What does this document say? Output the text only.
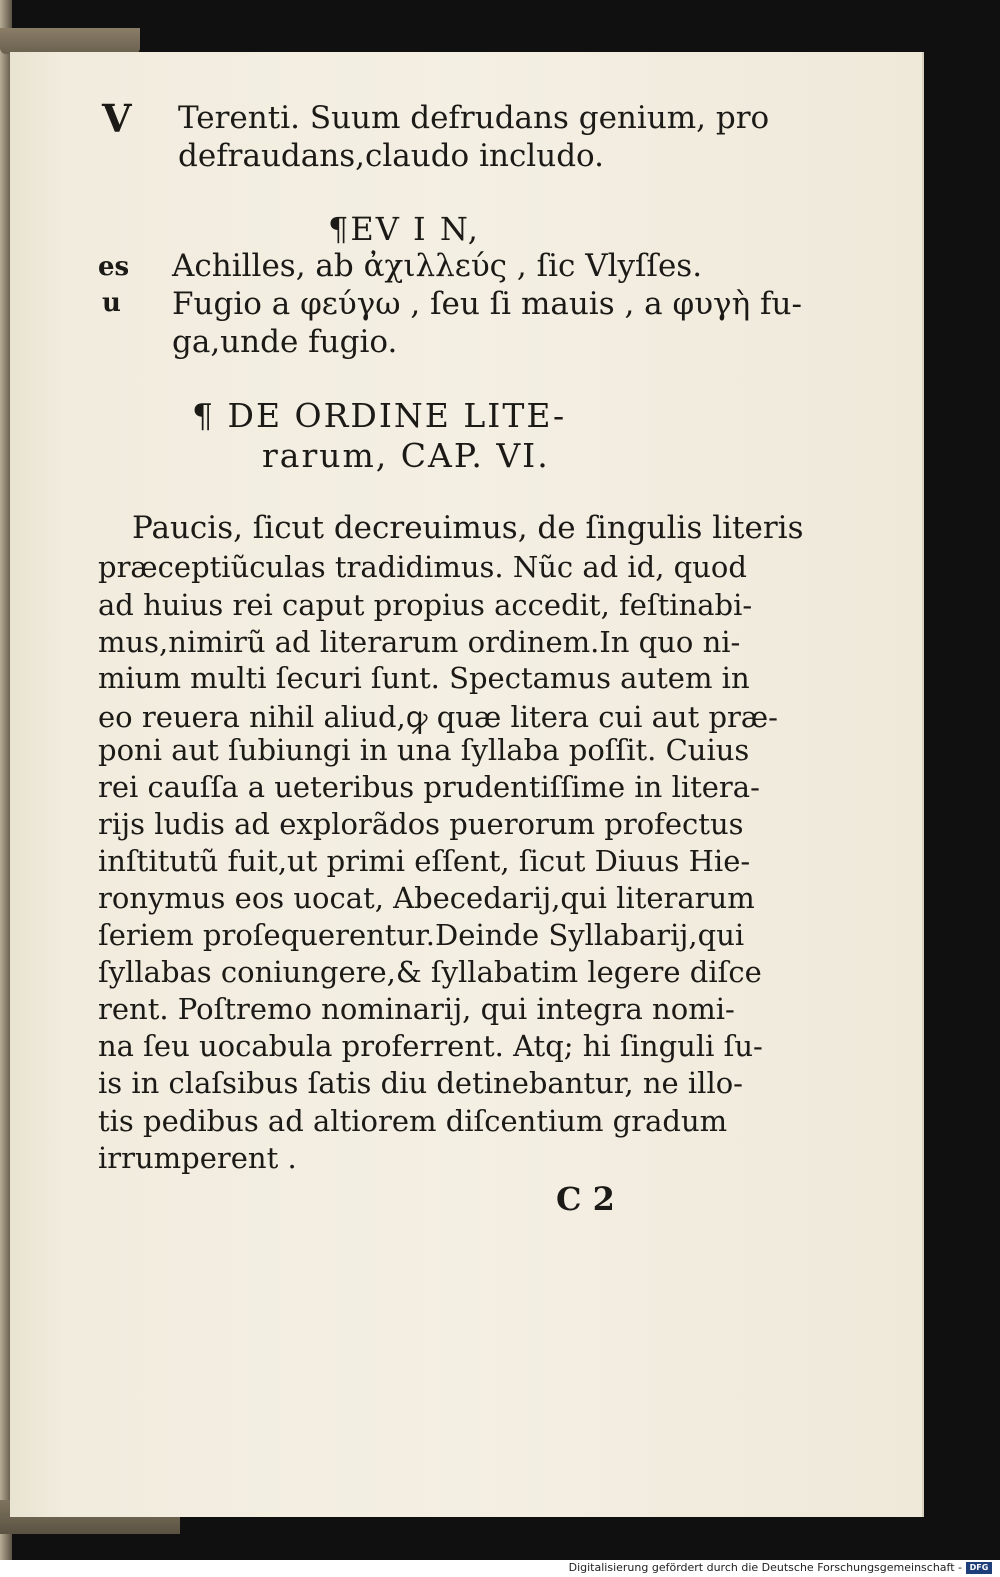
V Terenti. Suum defrudans genium, pro
defraudans,claudo includo.
¶EV I N,
es Achilles, ab ἀχιλλεύς , ſic Vlyſſes.
u Fugio a φεύγω , ſeu ſi mauis , a φυγὴ fu-
ga,unde fugio.
¶ DE ORDINE LITE-
rarum, CAP. VI.
Paucis, ſicut decreuimus, de ſingulis literis
præceptiũculas tradidimus. Nũc ad id, quod
ad huius rei caput propius accedit, feſtinabi-
mus,nimirũ ad literarum ordinem.In quo ni-
mium multi ſecuri ſunt. Spectamus autem in
eo reuera nihil aliud,ꝙ quæ litera cui aut præ-
poni aut ſubiungi in una ſyllaba poſſit. Cuius
rei cauſſa a ueteribus prudentiſſime in litera-
rijs ludis ad explorãdos puerorum profectus
inſtitutũ fuit,ut primi eſſent, ſicut Diuus Hie-
ronymus eos uocat, Abecedarij,qui literarum
ſeriem proſequerentur.Deinde Syllabarij,qui
ſyllabas coniungere,& ſyllabatim legere diſce
rent. Poſtremo nominarij, qui integra nomi-
na ſeu uocabula proferrent. Atq; hi ſinguli ſu-
is in claſsibus ſatis diu detinebantur, ne illo-
tis pedibus ad altiorem diſcentium gradum
irrumperent .
C 2
Digitalisierung gefördert durch die Deutsche Forschungsgemeinschaft - DFG
